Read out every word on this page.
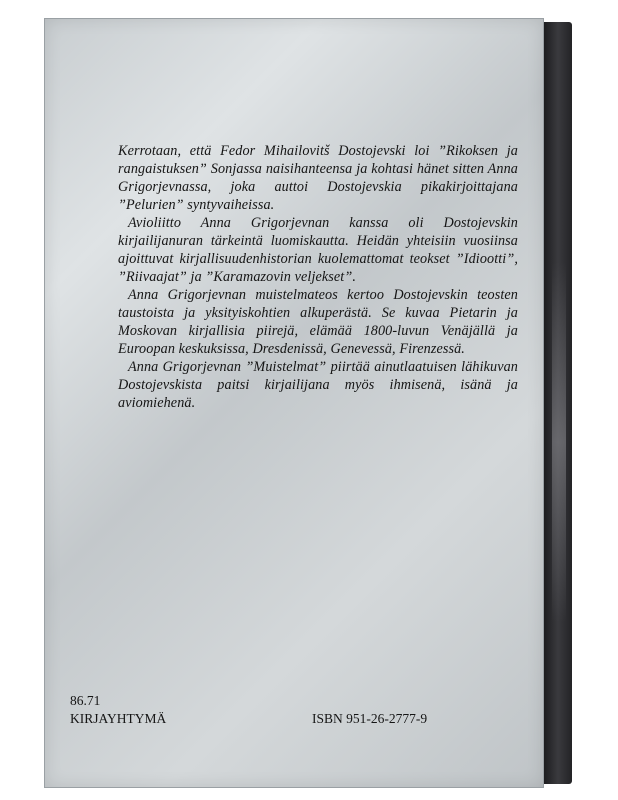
Kerrotaan, että Fedor Mihailovitš Dostojevski loi ”Rikoksen ja rangaistuksen” Sonjassa naisihanteensa ja kohtasi hänet sitten Anna Grigorjevnassa, joka auttoi Dostojevskia pikakirjoittajana ”Pelurien” syntyvaiheissa.

Avioliitto Anna Grigorjevnan kanssa oli Dostojevskin kirjailijanuran tärkeintä luomiskautta. Heidän yhteisiin vuosiinsa ajoittuvat kirjallisuudenhistorian kuolemattomat teokset ”Idiootti”, ”Riivaajat” ja ”Karamazovin veljekset”.

Anna Grigorjevnan muistelmateos kertoo Dostojevskin teosten taustoista ja yksityiskohtien alkuperästä. Se kuvaa Pietarin ja Moskovan kirjallisia piirejä, elämää 1800-luvun Venäjällä ja Euroopan keskuksissa, Dresdenissä, Genevessä, Firenzessä.

Anna Grigorjevnan ”Muistelmat” piirtää ainutlaatuisen lähikuvan Dostojevskista paitsi kirjailijana myös ihmisenä, isänä ja aviomiehenä.

86.71
KIRJAYHTYMÄ	ISBN 951-26-2777-9
